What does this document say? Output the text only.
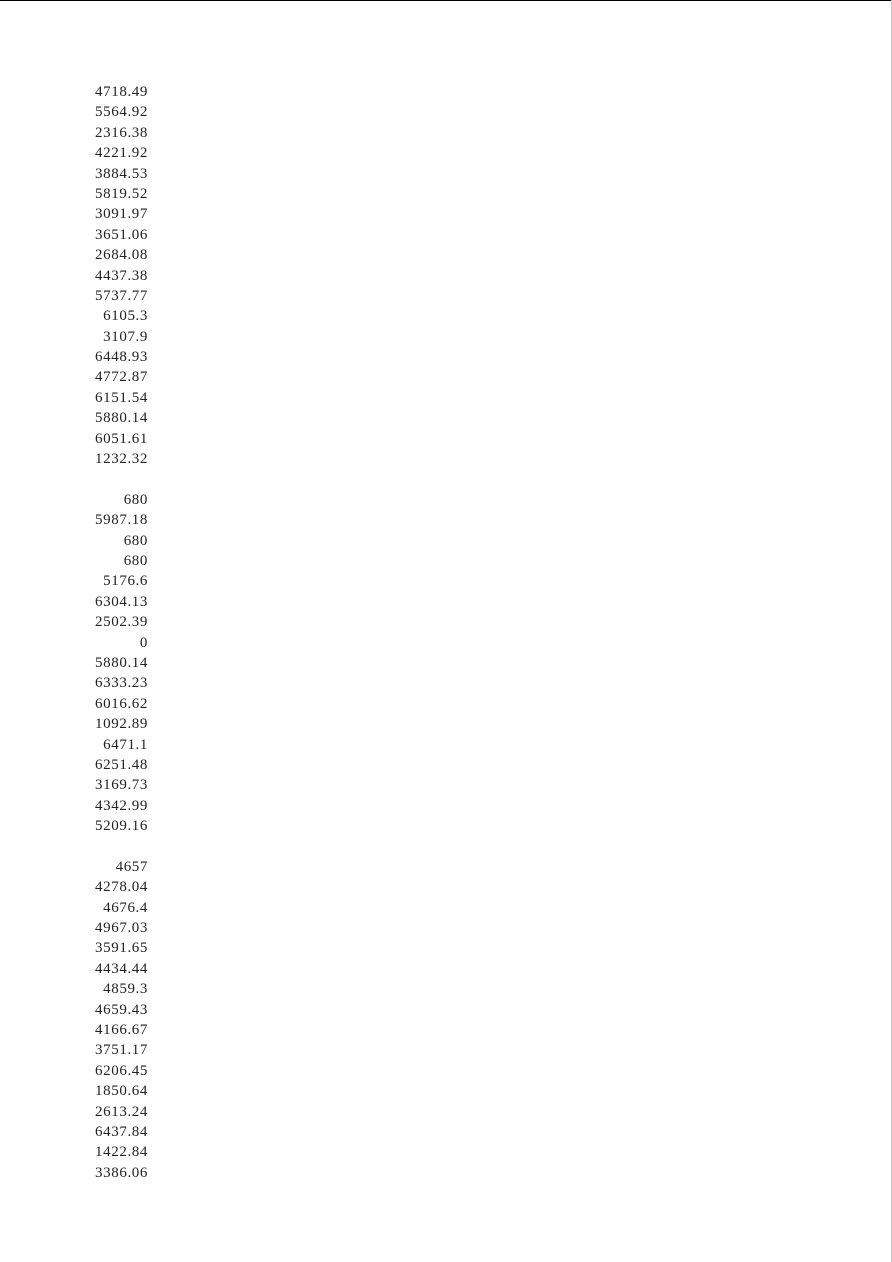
4718.49
5564.92
2316.38
4221.92
3884.53
5819.52
3091.97
3651.06
2684.08
4437.38
5737.77
6105.3
3107.9
6448.93
4772.87
6151.54
5880.14
6051.61
1232.32
680
5987.18
680
680
5176.6
6304.13
2502.39
0
5880.14
6333.23
6016.62
1092.89
6471.1
6251.48
3169.73
4342.99
5209.16
4657
4278.04
4676.4
4967.03
3591.65
4434.44
4859.3
4659.43
4166.67
3751.17
6206.45
1850.64
2613.24
6437.84
1422.84
3386.06
